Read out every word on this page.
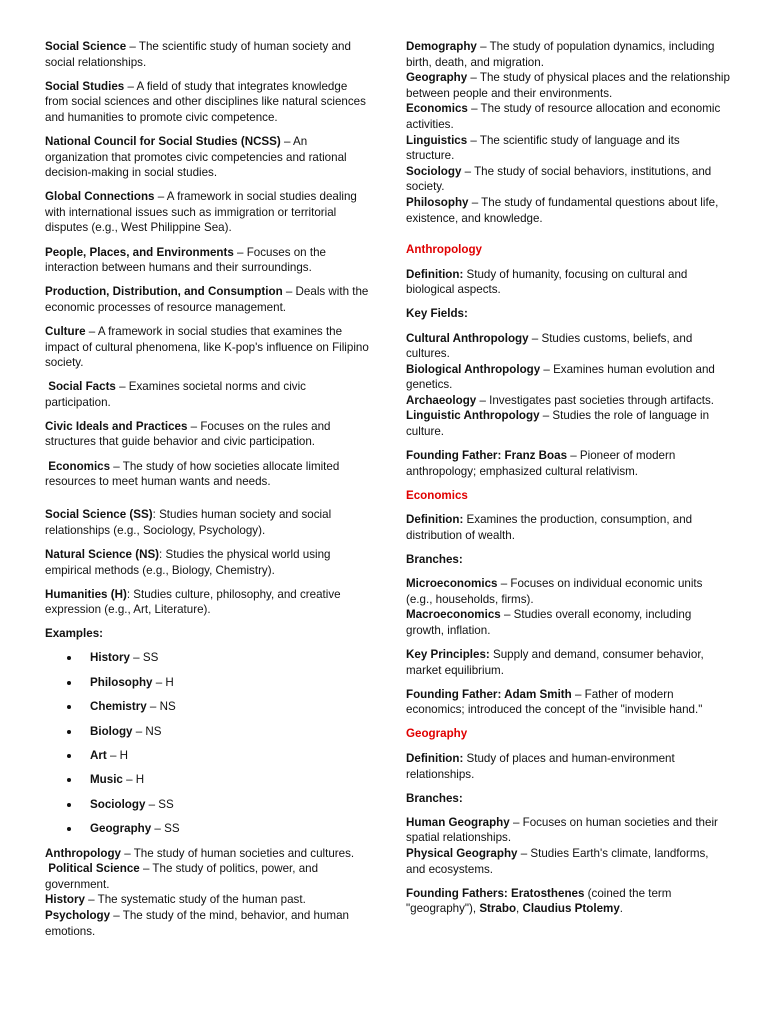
Social Science – The scientific study of human society and social relationships.

Social Studies – A field of study that integrates knowledge from social sciences and other disciplines like natural sciences and humanities to promote civic competence.

National Council for Social Studies (NCSS) – An organization that promotes civic competencies and rational decision-making in social studies.

Global Connections – A framework in social studies dealing with international issues such as immigration or territorial disputes (e.g., West Philippine Sea).

People, Places, and Environments – Focuses on the interaction between humans and their surroundings.

Production, Distribution, and Consumption – Deals with the economic processes of resource management.

Culture – A framework in social studies that examines the impact of cultural phenomena, like K-pop's influence on Filipino society.

Social Facts – Examines societal norms and civic participation.

Civic Ideals and Practices – Focuses on the rules and structures that guide behavior and civic participation.

Economics – The study of how societies allocate limited resources to meet human wants and needs.

Social Science (SS): Studies human society and social relationships (e.g., Sociology, Psychology).

Natural Science (NS): Studies the physical world using empirical methods (e.g., Biology, Chemistry).

Humanities (H): Studies culture, philosophy, and creative expression (e.g., Art, Literature).

Examples:

History – SS
Philosophy – H
Chemistry – NS
Biology – NS
Art – H
Music – H
Sociology – SS
Geography – SS

Anthropology – The study of human societies and cultures.

Political Science – The study of politics, power, and government.

History – The systematic study of the human past.

Psychology – The study of the mind, behavior, and human emotions.

Demography – The study of population dynamics, including birth, death, and migration.

Geography – The study of physical places and the relationship between people and their environments.

Economics – The study of resource allocation and economic activities.

Linguistics – The scientific study of language and its structure.

Sociology – The study of social behaviors, institutions, and society.

Philosophy – The study of fundamental questions about life, existence, and knowledge.

Anthropology

Definition: Study of humanity, focusing on cultural and biological aspects.

Key Fields:

Cultural Anthropology – Studies customs, beliefs, and cultures.

Biological Anthropology – Examines human evolution and genetics.

Archaeology – Investigates past societies through artifacts.

Linguistic Anthropology – Studies the role of language in culture.

Founding Father: Franz Boas – Pioneer of modern anthropology; emphasized cultural relativism.

Economics

Definition: Examines the production, consumption, and distribution of wealth.

Branches:

Microeconomics – Focuses on individual economic units (e.g., households, firms).

Macroeconomics – Studies overall economy, including growth, inflation.

Key Principles: Supply and demand, consumer behavior, market equilibrium.

Founding Father: Adam Smith – Father of modern economics; introduced the concept of the "invisible hand."

Geography

Definition: Study of places and human-environment relationships.

Branches:

Human Geography – Focuses on human societies and their spatial relationships.

Physical Geography – Studies Earth's climate, landforms, and ecosystems.

Founding Fathers: Eratosthenes (coined the term "geography"), Strabo, Claudius Ptolemy.
